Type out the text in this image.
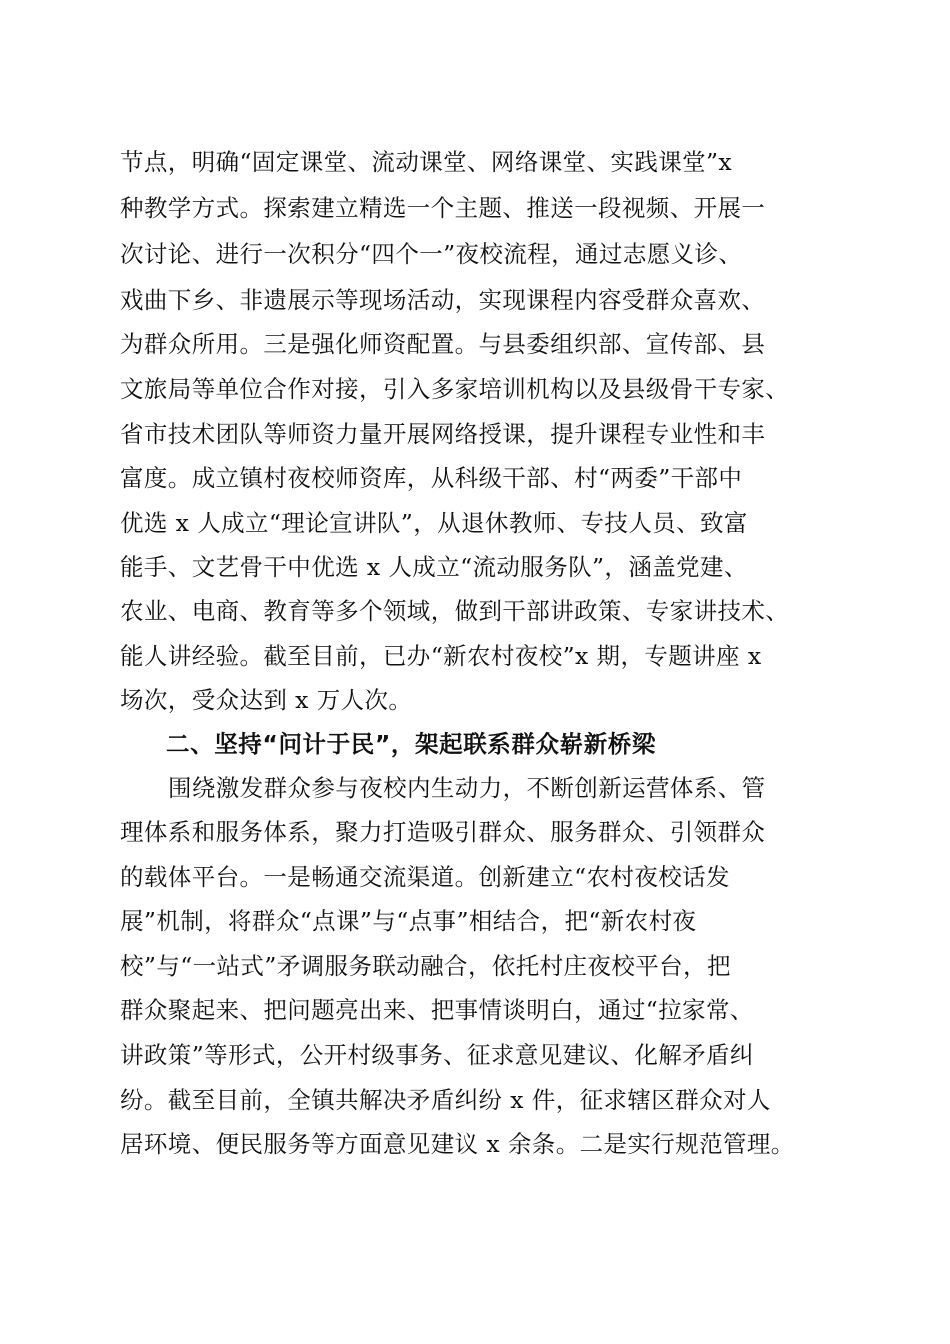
节点，明确“固定课堂、流动课堂、网络课堂、实践课堂”x
种教学方式。探索建立精选一个主题、推送一段视频、开展一
次讨论、进行一次积分“四个一”夜校流程，通过志愿义诊、
戏曲下乡、非遗展示等现场活动，实现课程内容受群众喜欢、
为群众所用。三是强化师资配置。与县委组织部、宣传部、县
文旅局等单位合作对接，引入多家培训机构以及县级骨干专家、
省市技术团队等师资力量开展网络授课，提升课程专业性和丰
富度。成立镇村夜校师资库，从科级干部、村“两委”干部中
优选 x 人成立“理论宣讲队”，从退休教师、专技人员、致富
能手、文艺骨干中优选 x 人成立“流动服务队”，涵盖党建、
农业、电商、教育等多个领域，做到干部讲政策、专家讲技术、
能人讲经验。截至目前，已办“新农村夜校”x 期，专题讲座 x
场次，受众达到 x 万人次。
二、坚持“问计于民”，架起联系群众崭新桥梁
围绕激发群众参与夜校内生动力，不断创新运营体系、管
理体系和服务体系，聚力打造吸引群众、服务群众、引领群众
的载体平台。一是畅通交流渠道。创新建立“农村夜校话发
展”机制，将群众“点课”与“点事”相结合，把“新农村夜
校”与“一站式”矛调服务联动融合，依托村庄夜校平台，把
群众聚起来、把问题亮出来、把事情谈明白，通过“拉家常、
讲政策”等形式，公开村级事务、征求意见建议、化解矛盾纠
纷。截至目前，全镇共解决矛盾纠纷 x 件，征求辖区群众对人
居环境、便民服务等方面意见建议 x 余条。二是实行规范管理。
